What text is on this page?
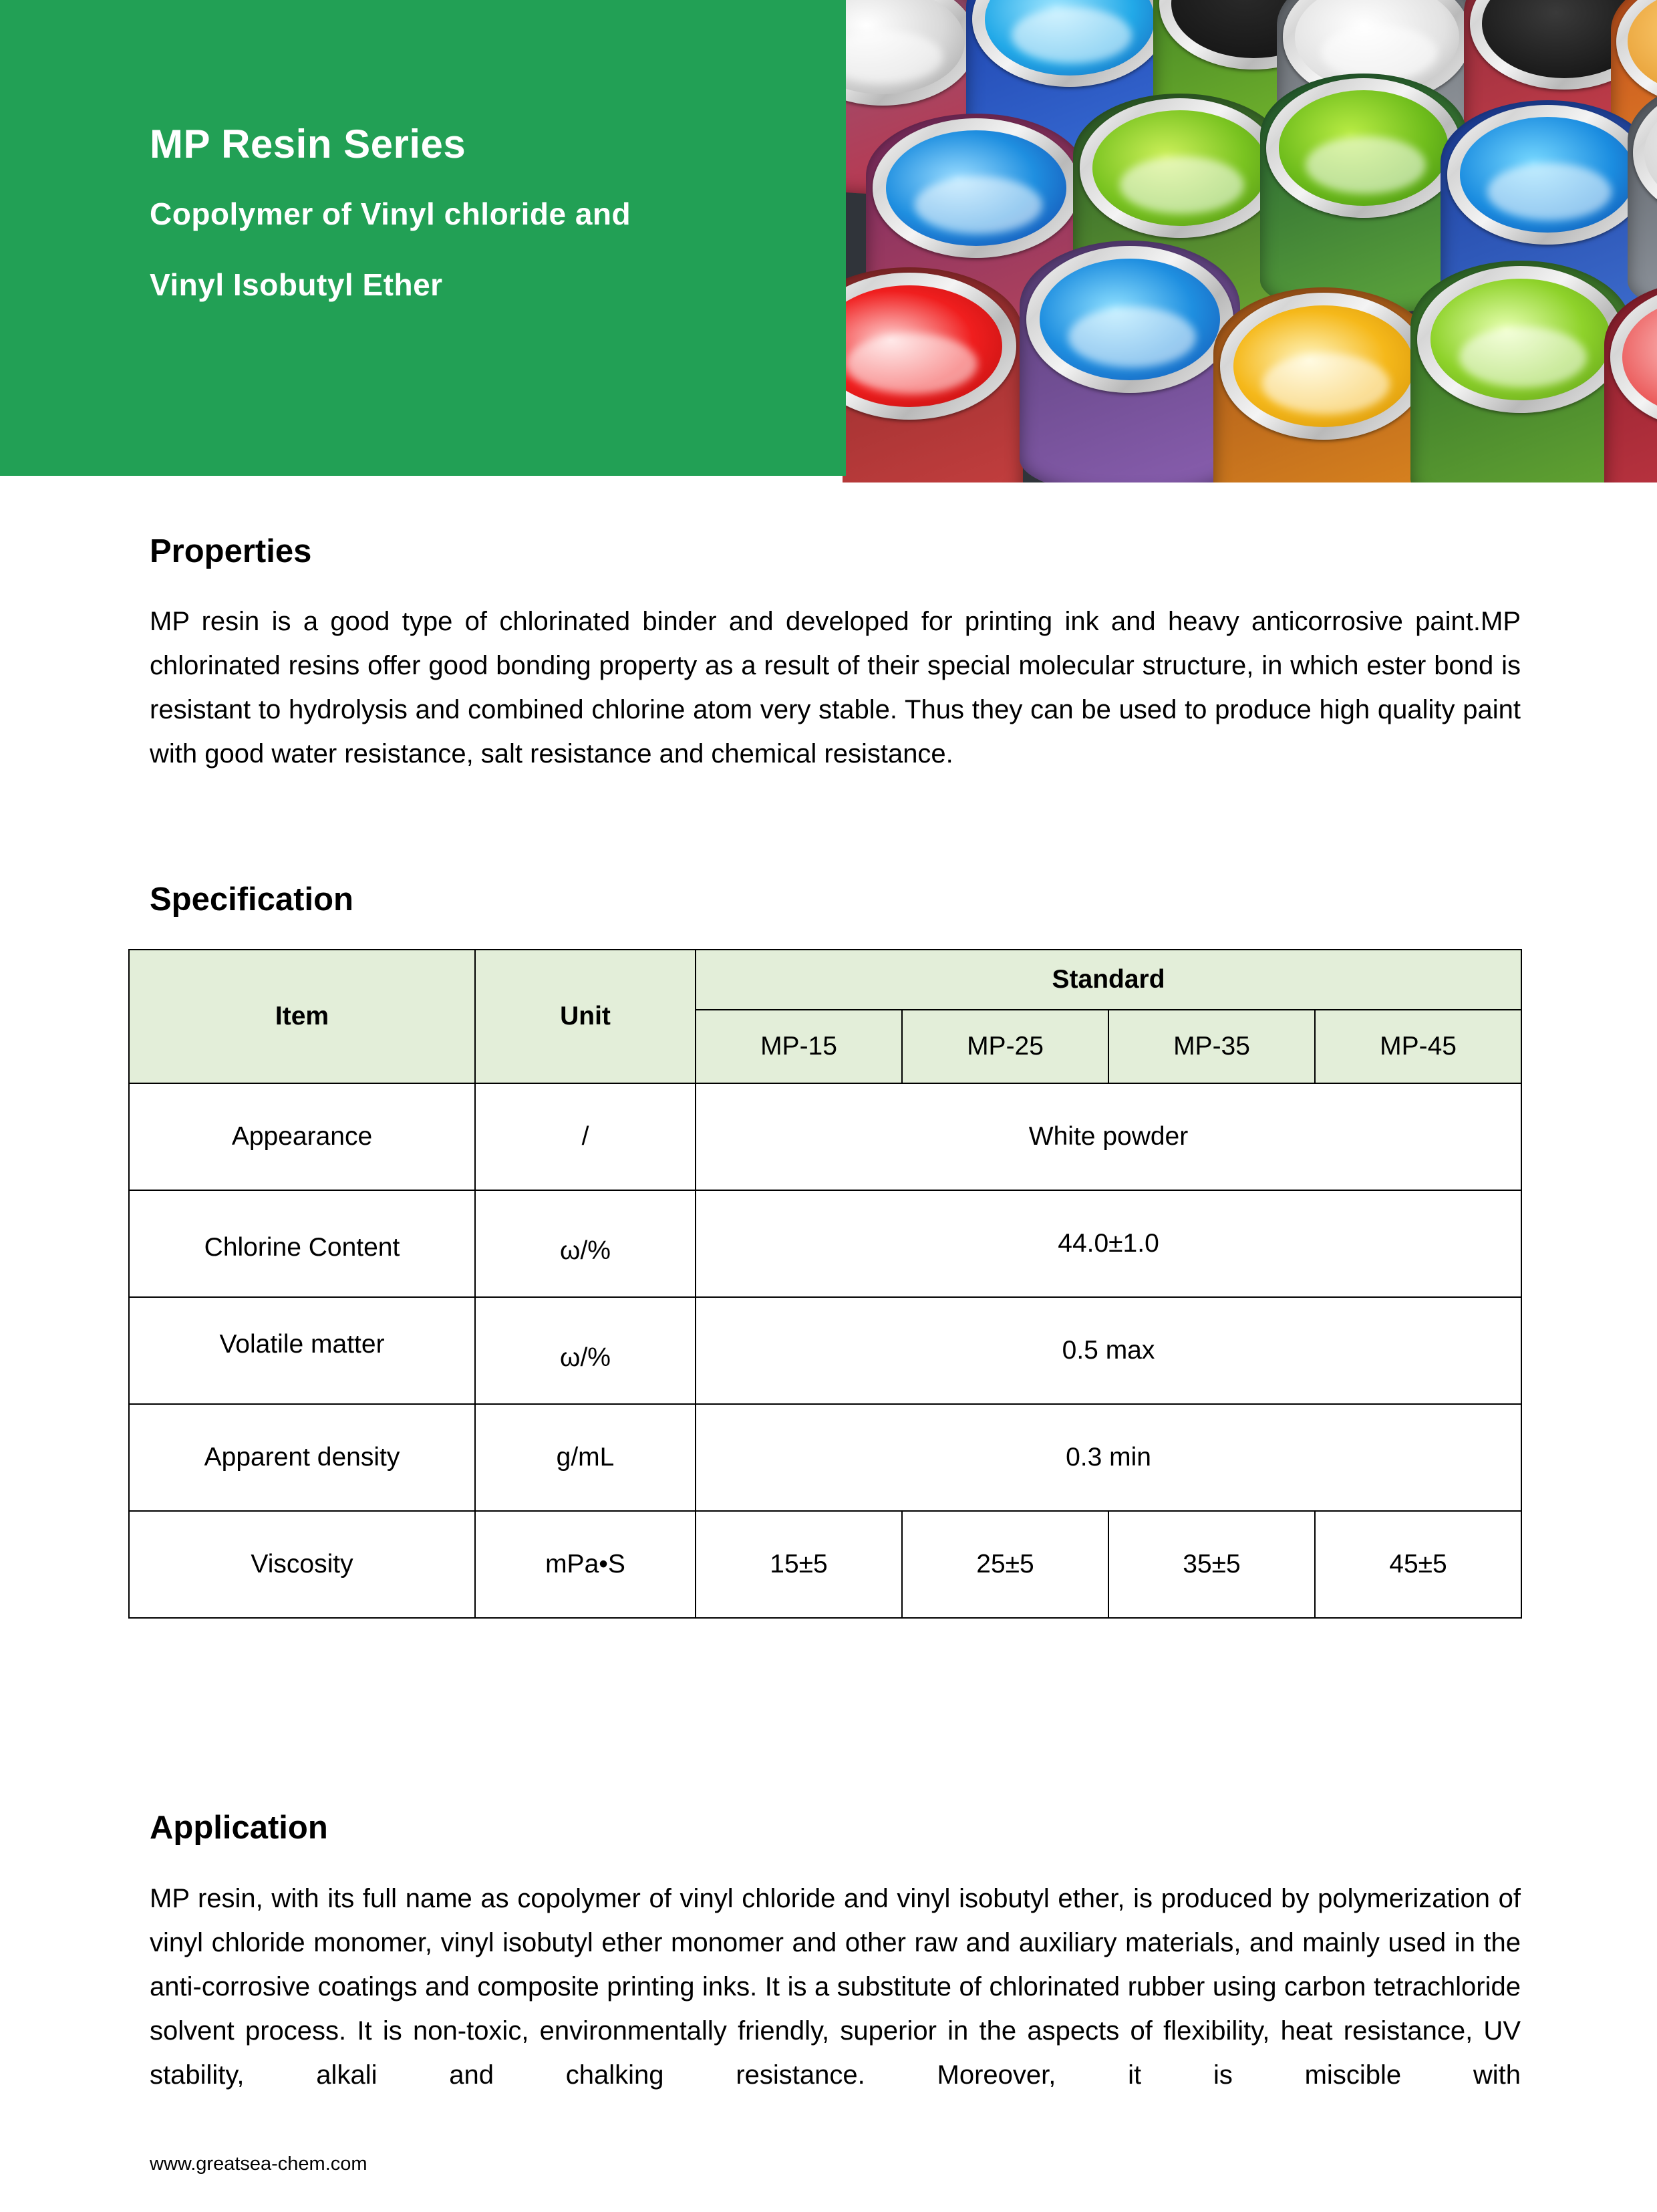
MP Resin Series
Copolymer of Vinyl chloride and
Vinyl Isobutyl Ether
Properties
MP resin is a good type of chlorinated binder and developed for printing ink and heavy anticorrosive paint.MP chlorinated resins offer good bonding property as a result of their special molecular structure, in which ester bond is resistant to hydrolysis and combined chlorine atom very stable. Thus they can be used to produce high quality paint with good water resistance, salt resistance and chemical resistance.
Specification
Item	Unit	Standard			
		MP-15	MP-25	MP-35	MP-45
Appearance	/	White powder			

Chlorine Content	ω/%	44.0±1.0			

Volatile matter	ω/%	0.5 max			
Apparent density	g/mL	0.3 min			
Viscosity	mPa•S	15±5	25±5	35±5	45±5
Application
MP resin, with its full name as copolymer of vinyl chloride and vinyl isobutyl ether, is produced by polymerization of vinyl chloride monomer, vinyl isobutyl ether monomer and other raw and auxiliary materials, and mainly used in the anti-corrosive coatings and composite printing inks. It is a substitute of chlorinated rubber using carbon tetrachloride solvent process. It is non-toxic, environmentally friendly, superior in the aspects of flexibility, heat resistance, UV stability, alkali and chalking resistance. Moreover, it is miscible with
www.greatsea-chem.com
